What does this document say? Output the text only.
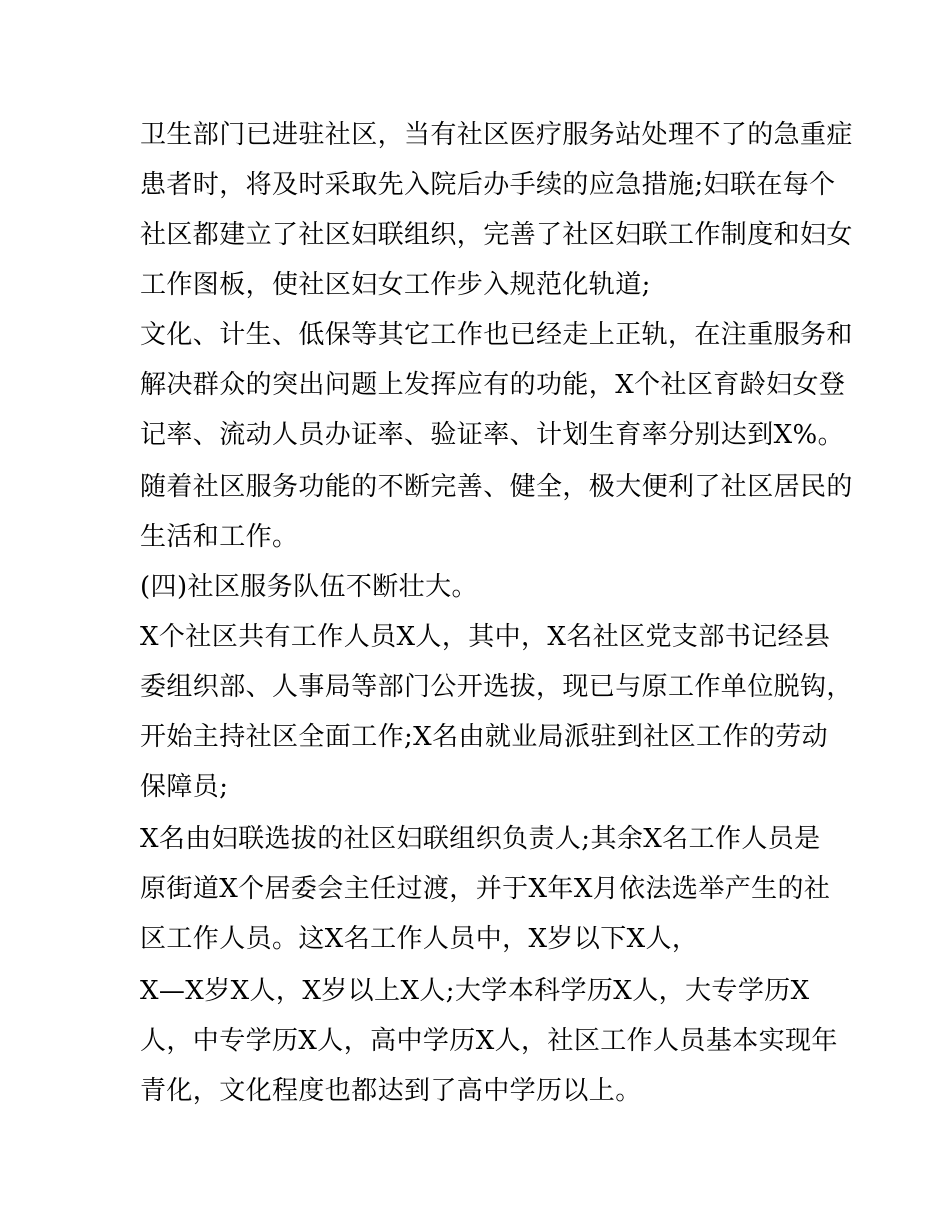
卫生部门已进驻社区，当有社区医疗服务站处理不了的急重症
患者时，将及时采取先入院后办手续的应急措施;妇联在每个
社区都建立了社区妇联组织，完善了社区妇联工作制度和妇女
工作图板，使社区妇女工作步入规范化轨道;
文化、计生、低保等其它工作也已经走上正轨，在注重服务和
解决群众的突出问题上发挥应有的功能，X个社区育龄妇女登
记率、流动人员办证率、验证率、计划生育率分别达到X%。
随着社区服务功能的不断完善、健全，极大便利了社区居民的
生活和工作。
(四)社区服务队伍不断壮大。
X个社区共有工作人员X人，其中，X名社区党支部书记经县
委组织部、人事局等部门公开选拔，现已与原工作单位脱钩，
开始主持社区全面工作;X名由就业局派驻到社区工作的劳动
保障员;
X名由妇联选拔的社区妇联组织负责人;其余X名工作人员是
原街道X个居委会主任过渡，并于X年X月依法选举产生的社
区工作人员。这X名工作人员中，X岁以下X人，
X—X岁X人，X岁以上X人;大学本科学历X人，大专学历X
人，中专学历X人，高中学历X人，社区工作人员基本实现年
青化，文化程度也都达到了高中学历以上。
